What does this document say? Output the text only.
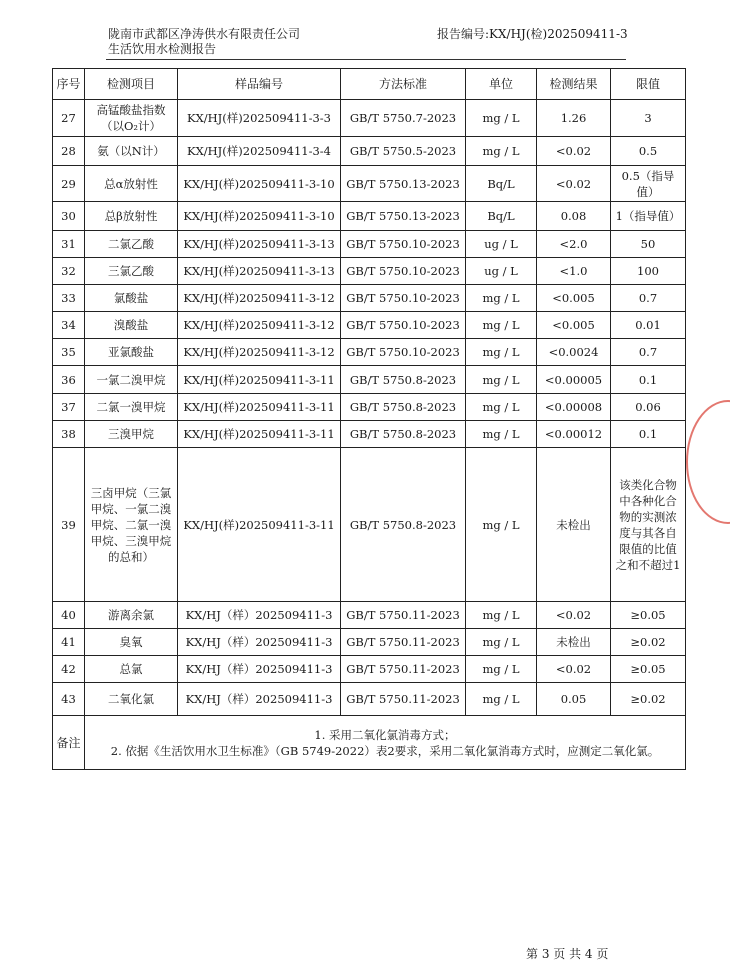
陇南市武都区净涛供水有限责任公司
生活饮用水检测报告
报告编号:KX/HJ(检)202509411-3
序号	检测项目	样品编号	方法标准	单位	检测结果	限值
27	高锰酸盐指数（以O₂计）	KX/HJ(样)202509411-3-3	GB/T 5750.7-2023	mg / L	1.26	3
28	氨（以N计）	KX/HJ(样)202509411-3-4	GB/T 5750.5-2023	mg / L	<0.02	0.5
29	总α放射性	KX/HJ(样)202509411-3-10	GB/T 5750.13-2023	Bq/L	<0.02	0.5（指导值）
30	总β放射性	KX/HJ(样)202509411-3-10	GB/T 5750.13-2023	Bq/L	0.08	1（指导值）
31	二氯乙酸	KX/HJ(样)202509411-3-13	GB/T 5750.10-2023	ug / L	<2.0	50
32	三氯乙酸	KX/HJ(样)202509411-3-13	GB/T 5750.10-2023	ug / L	<1.0	100
33	氯酸盐	KX/HJ(样)202509411-3-12	GB/T 5750.10-2023	mg / L	<0.005	0.7
34	溴酸盐	KX/HJ(样)202509411-3-12	GB/T 5750.10-2023	mg / L	<0.005	0.01
35	亚氯酸盐	KX/HJ(样)202509411-3-12	GB/T 5750.10-2023	mg / L	<0.0024	0.7
36	一氯二溴甲烷	KX/HJ(样)202509411-3-11	GB/T 5750.8-2023	mg / L	<0.00005	0.1
37	二氯一溴甲烷	KX/HJ(样)202509411-3-11	GB/T 5750.8-2023	mg / L	<0.00008	0.06
38	三溴甲烷	KX/HJ(样)202509411-3-11	GB/T 5750.8-2023	mg / L	<0.00012	0.1
39	三卤甲烷（三氯甲烷、一氯二溴甲烷、二氯一溴甲烷、三溴甲烷的总和）	KX/HJ(样)202509411-3-11	GB/T 5750.8-2023	mg / L	未检出	该类化合物中各种化合物的实测浓度与其各自限值的比值之和不超过1
40	游离余氯	KX/HJ（样）202509411-3	GB/T 5750.11-2023	mg / L	<0.02	≥0.05
41	臭氧	KX/HJ（样）202509411-3	GB/T 5750.11-2023	mg / L	未检出	≥0.02
42	总氯	KX/HJ（样）202509411-3	GB/T 5750.11-2023	mg / L	<0.02	≥0.05
43	二氧化氯	KX/HJ（样）202509411-3	GB/T 5750.11-2023	mg / L	0.05	≥0.02
备注	1. 采用二氧化氯消毒方式；
2. 依据《生活饮用水卫生标准》（GB 5749-2022）表2要求，采用二氧化氯消毒方式时，应测定二氧化氯。					
第 3 页 共 4 页
